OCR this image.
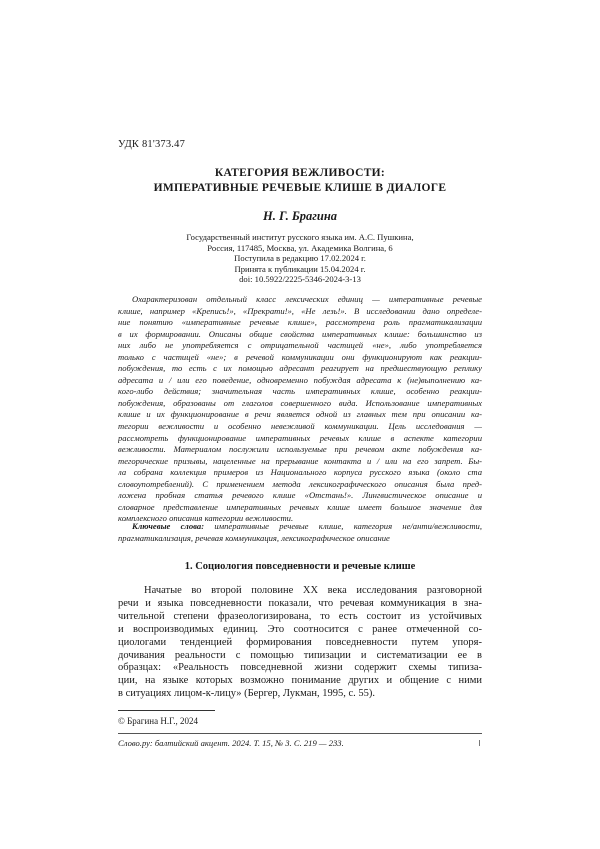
УДК 81'373.47
КАТЕГОРИЯ ВЕЖЛИВОСТИ:
ИМПЕРАТИВНЫЕ РЕЧЕВЫЕ КЛИШЕ В ДИАЛОГЕ
Н. Г. Брагина
Государственный институт русского языка им. А.С. Пушкина,
Россия, 117485, Москва, ул. Академика Волгина, 6
Поступила в редакцию 17.02.2024 г.
Принята к публикации 15.04.2024 г.
doi: 10.5922/2225-5346-2024-3-13

Охарактеризован отдельный класс лексических единиц — императивные речевые
клише, например «Крепись!», «Прекрати!», «Не лезь!». В исследовании дано определе-
ние понятию «императивные речевые клише», рассмотрена роль прагматикализации
в их формировании. Описаны общие свойства императивных клише: большинство из
них либо не употребляется с отрицательной частицей «не», либо употребляется
только с частицей «не»; в речевой коммуникации они функционируют как реакции-
побуждения, то есть с их помощью адресант реагирует на предшествующую реплику
адресата и / или его поведение, одновременно побуждая адресата к (не)выполнению ка-
кого-либо действия; значительная часть императивных клише, особенно реакции-
побуждения, образованы от глаголов совершенного вида. Использование императивных
клише и их функционирование в речи является одной из главных тем при описании ка-
тегории вежливости и особенно невежливой коммуникации. Цель исследования —
рассмотреть функционирование императивных речевых клише в аспекте категории
вежливости. Материалом послужили используемые при речевом акте побуждения ка-
тегорические призывы, нацеленные на прерывание контакта и / или на его запрет. Бы-
ла собрана коллекция примеров из Национального корпуса русского языка (около ста
словоупотреблений). С применением метода лексикографического описания была пред-
ложена пробная статья речевого клише «Отстань!». Лингвистическое описание и
словарное представление императивных речевых клише имеет большое значение для
комплексного описания категории вежливости.

Ключевые слова: императивные речевые клише, категория не/анти/вежливости,
прагматикализация, речевая коммуникация, лексикографическое описание
1. Социология повседневности и речевые клише
Начатые во второй половине XX века исследования разговорной
речи и языка повседневности показали, что речевая коммуникация в зна-
чительной степени фразеологизирована, то есть состоит из устойчивых
и воспроизводимых единиц. Это соотносится с ранее отмеченной со-
циологами тенденцией формирования повседневности путем упоря-
дочивания реальности с помощью типизации и систематизации ее в
образцах: «Реальность повседневной жизни содержит схемы типиза-
ции, на языке которых возможно понимание других и общение с ними
в ситуациях лицом-к-лицу» (Бергер, Лукман, 1995, с. 55).
© Брагина Н.Г., 2024
Слово.ру: балтийский акцент. 2024. Т. 15, № 3. С. 219 — 233.
